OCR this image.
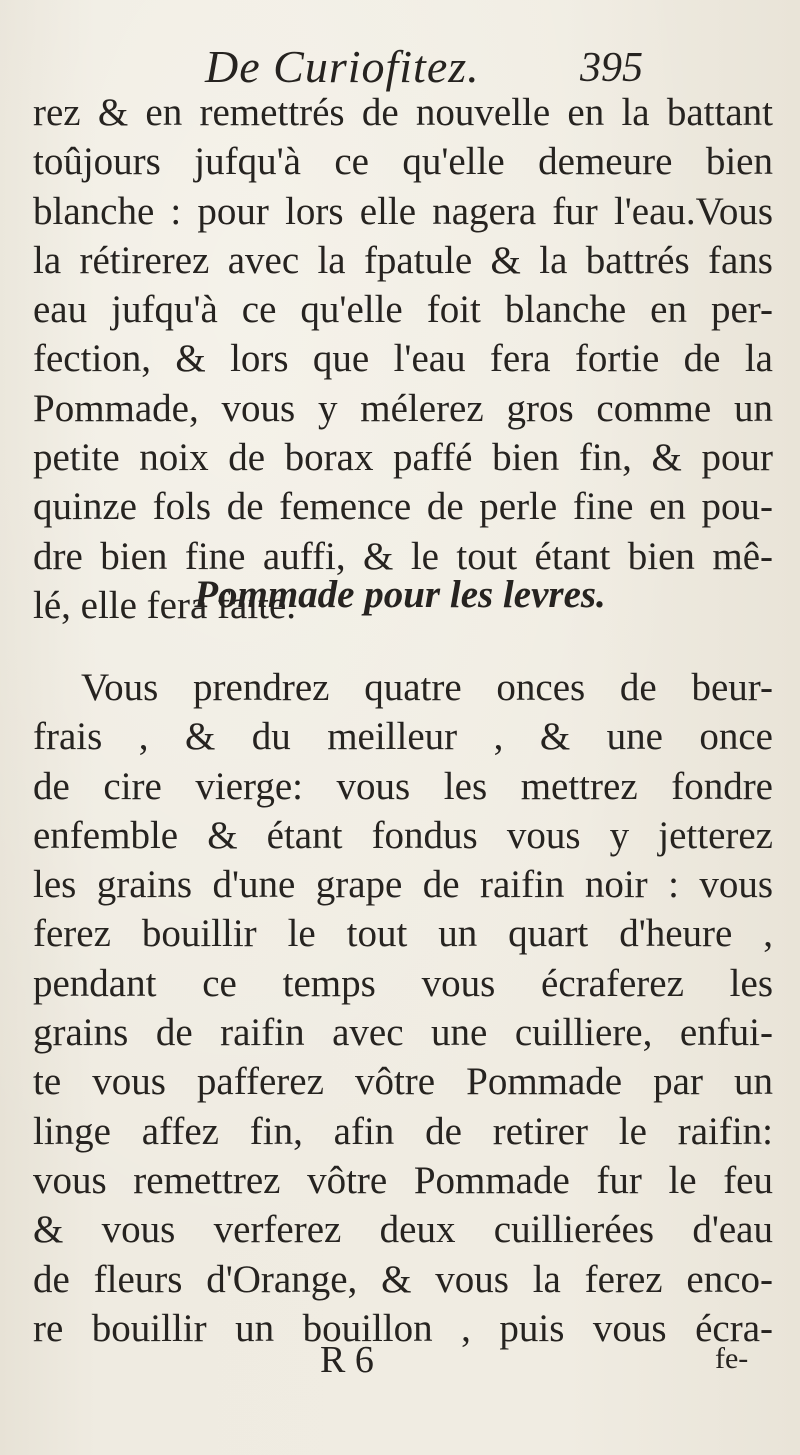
De Curiofitez. 395
rez & en remettrés de nouvelle en la battant
toûjours jufqu'à ce qu'elle demeure bien
blanche : pour lors elle nagera fur l'eau.Vous
la rétirerez avec la fpatule & la battrés fans
eau jufqu'à ce qu'elle foit blanche en per-
fection, & lors que l'eau fera fortie de la
Pommade, vous y mélerez gros comme un
petite noix de borax paffé bien fin, & pour
quinze fols de femence de perle fine en pou-
dre bien fine auffi, & le tout étant bien mê-
lé, elle fera faite.
Pommade pour les levres.
Vous prendrez quatre onces de beur-
frais , & du meilleur , & une once
de cire vierge: vous les mettrez fondre
enfemble & étant fondus vous y jetterez
les grains d'une grape de raifin noir : vous
ferez bouillir le tout un quart d'heure ,
pendant ce temps vous écraferez les
grains de raifin avec une cuilliere, enfui-
te vous pafferez vôtre Pommade par un
linge affez fin, afin de retirer le raifin:
vous remettrez vôtre Pommade fur le feu
& vous verferez deux cuillierées d'eau
de fleurs d'Orange, & vous la ferez enco-
re bouillir un bouillon , puis vous écra-
R 6	fe-
